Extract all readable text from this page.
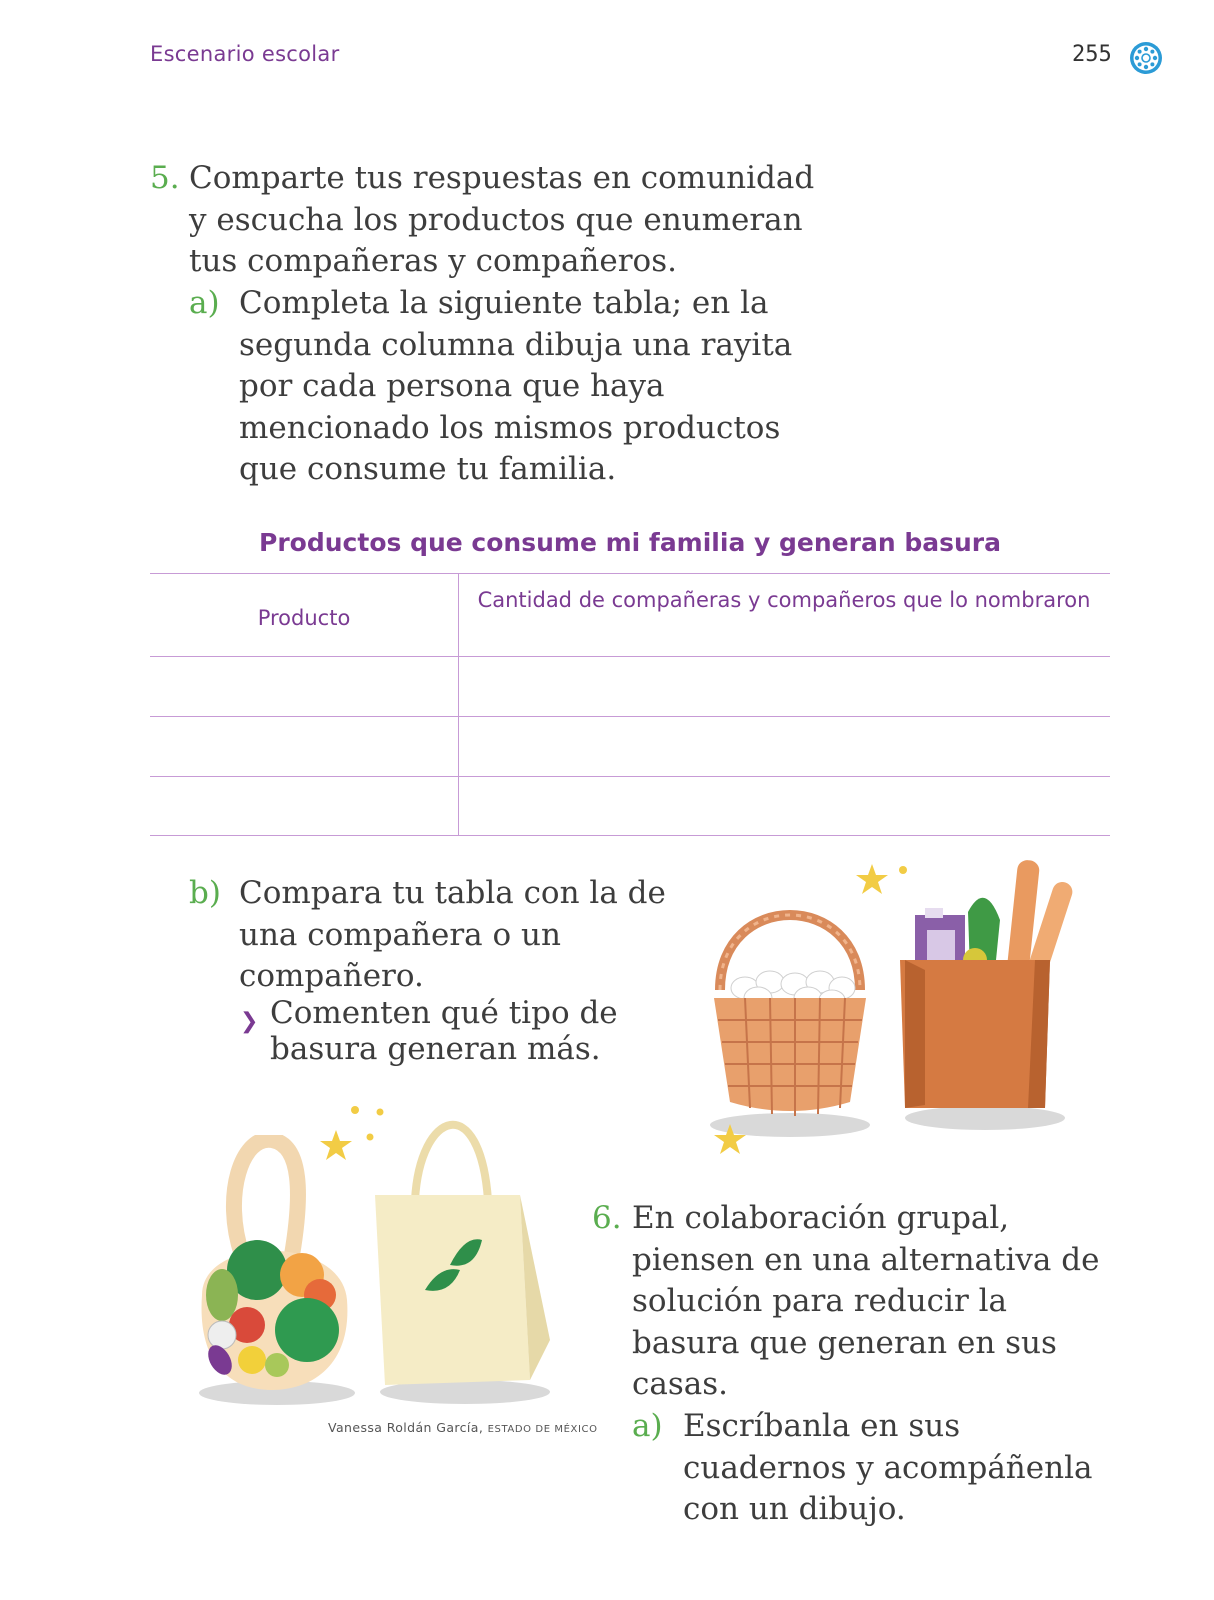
Escenario escolar	255
5. Comparte tus respuestas en comunidad y escucha los productos que enumeran tus compañeras y compañeros.
a) Completa la siguiente tabla; en la segunda columna dibuja una rayita por cada persona que haya mencionado los mismos productos que consume tu familia.
Productos que consume mi familia y generan basura
Producto
Cantidad de compañeras y compañeros que lo nombraron
b) Compara tu tabla con la de una compañera o un compañero.
❯ Comenten qué tipo de basura generan más.
Vanessa Roldán García, ESTADO DE MÉXICO
6. En colaboración grupal, piensen en una alternativa de solución para reducir la basura que generan en sus casas.
a) Escríbanla en sus cuadernos y acompáñenla con un dibujo.
